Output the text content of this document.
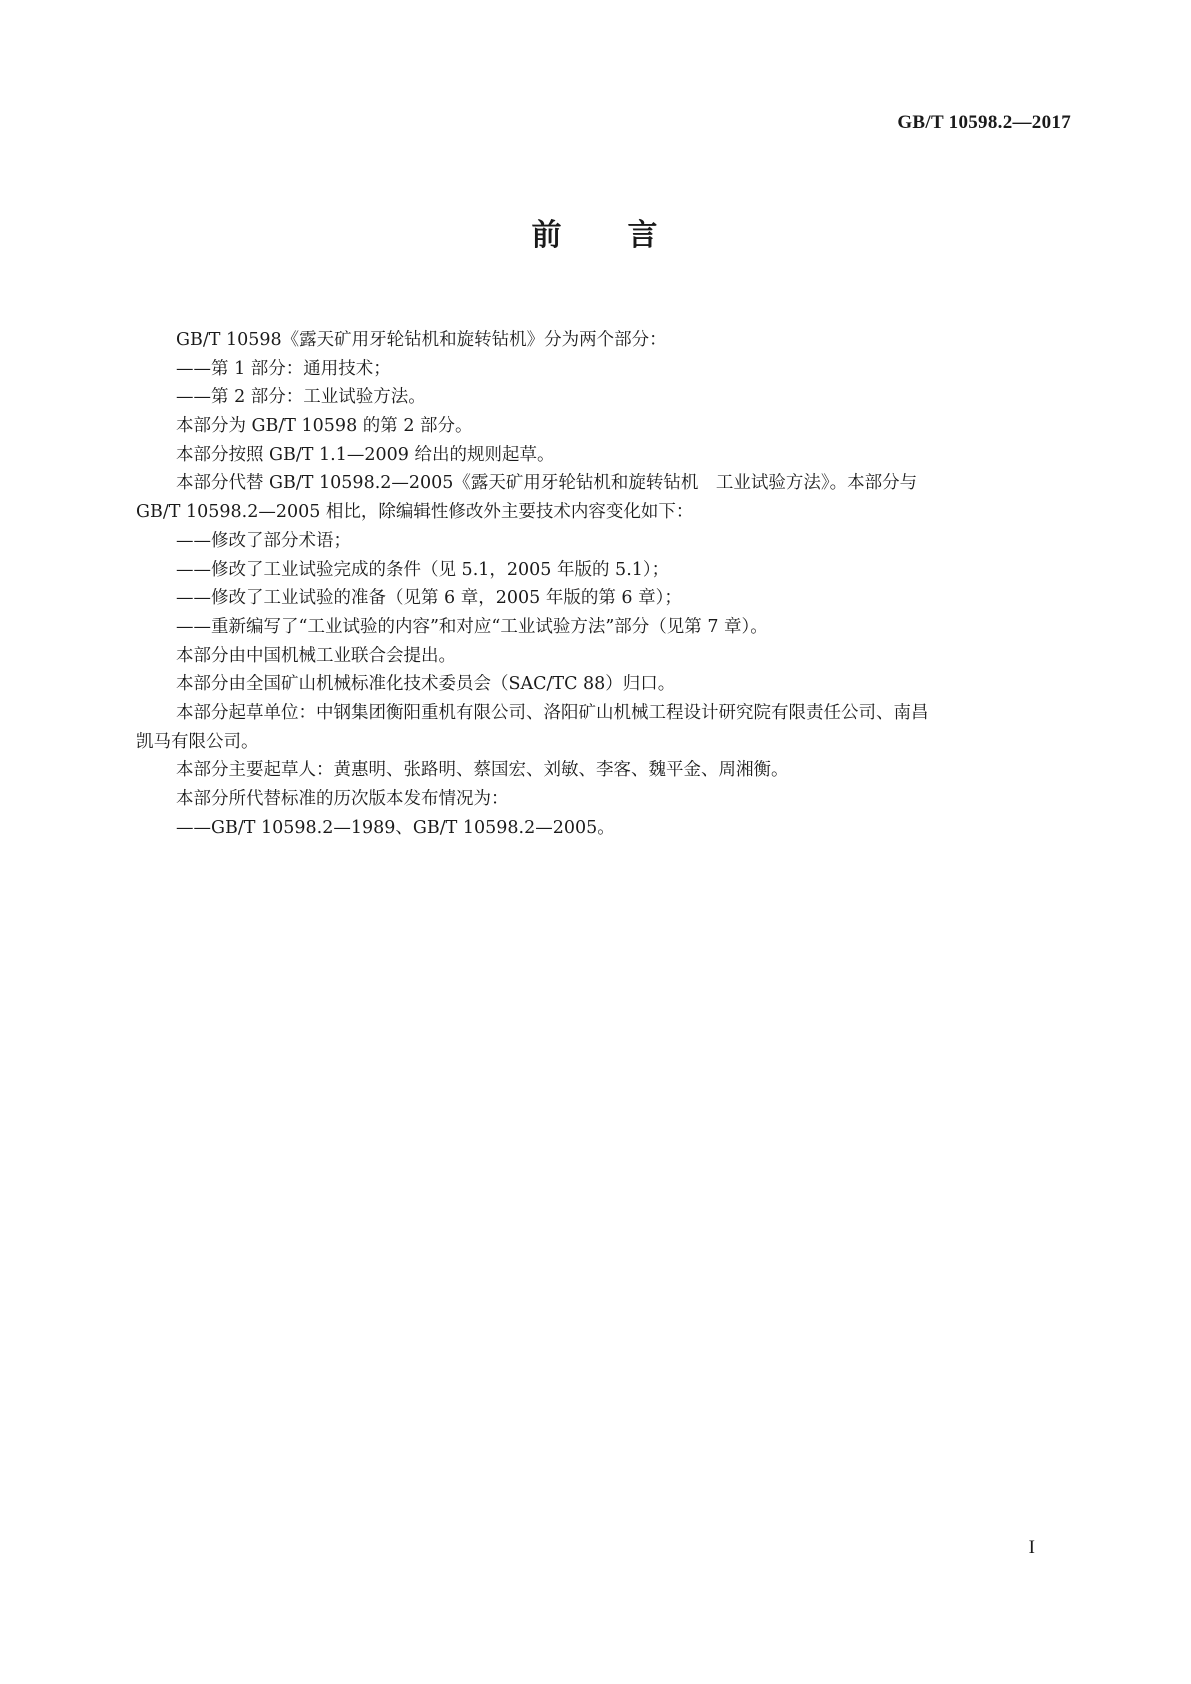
GB/T 10598.2—2017
前　　言
GB/T 10598《露天矿用牙轮钻机和旋转钻机》分为两个部分：
——第 1 部分：通用技术；
——第 2 部分：工业试验方法。
本部分为 GB/T 10598 的第 2 部分。
本部分按照 GB/T 1.1—2009 给出的规则起草。
本部分代替 GB/T 10598.2—2005《露天矿用牙轮钻机和旋转钻机　工业试验方法》。本部分与
GB/T 10598.2—2005 相比，除编辑性修改外主要技术内容变化如下：
——修改了部分术语；
——修改了工业试验完成的条件（见 5.1，2005 年版的 5.1）；
——修改了工业试验的准备（见第 6 章，2005 年版的第 6 章）；
——重新编写了“工业试验的内容”和对应“工业试验方法”部分（见第 7 章）。
本部分由中国机械工业联合会提出。
本部分由全国矿山机械标准化技术委员会（SAC/TC 88）归口。
本部分起草单位：中钢集团衡阳重机有限公司、洛阳矿山机械工程设计研究院有限责任公司、南昌
凯马有限公司。
本部分主要起草人：黄惠明、张路明、蔡国宏、刘敏、李客、魏平金、周湘衡。
本部分所代替标准的历次版本发布情况为：
——GB/T 10598.2—1989、GB/T 10598.2—2005。
I
